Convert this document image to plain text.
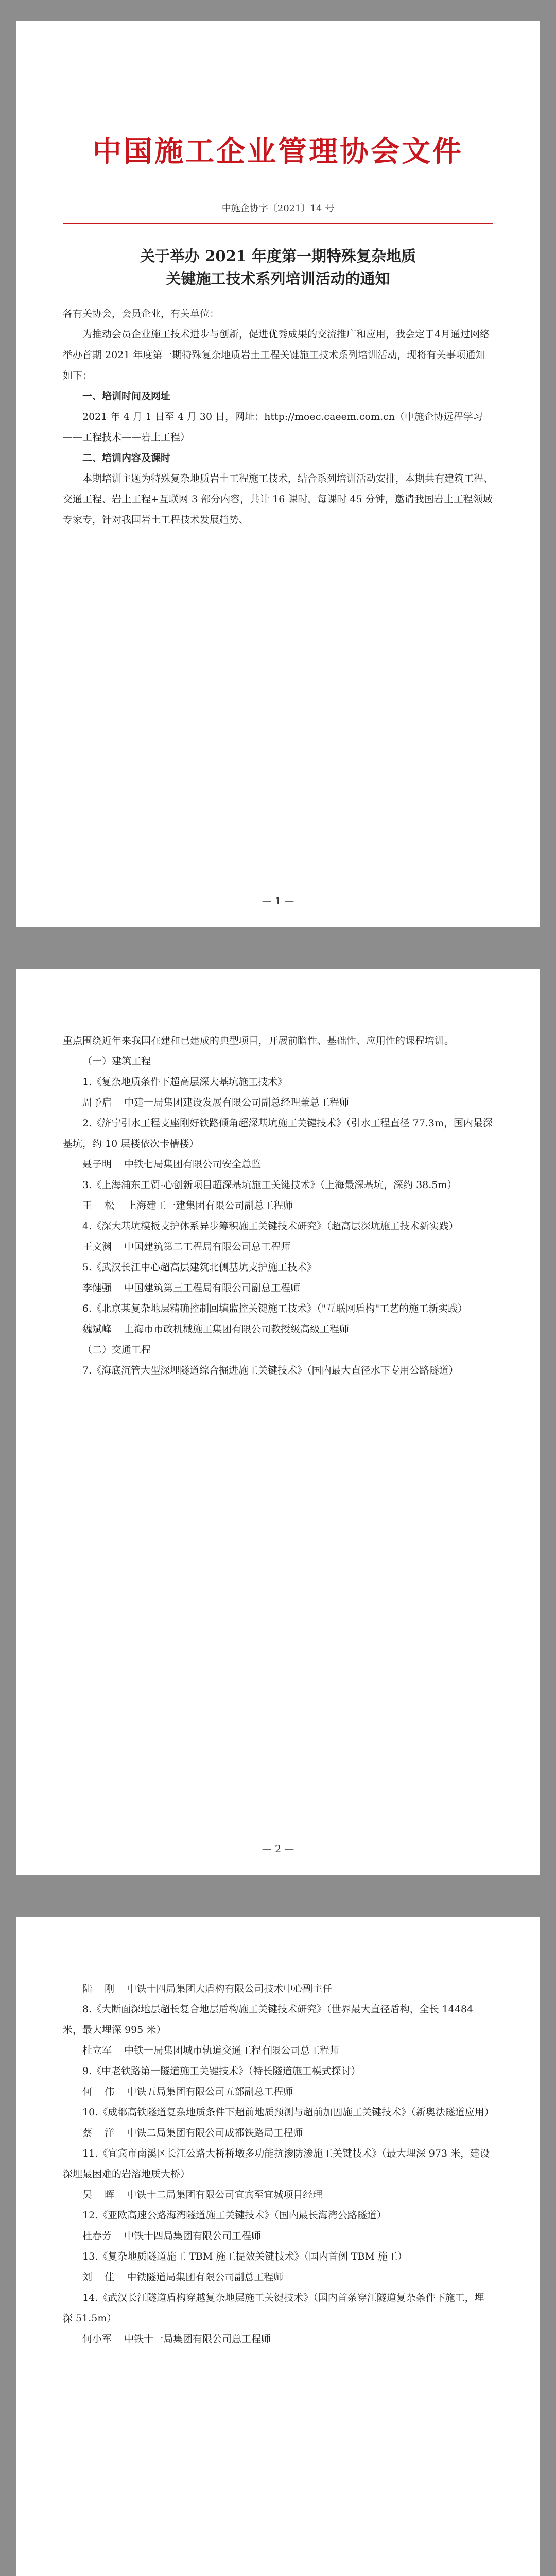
中国施工企业管理协会文件
中施企协字〔2021〕14 号
关于举办 2021 年度第一期特殊复杂地质
关键施工技术系列培训活动的通知
各有关协会，会员企业，有关单位：
为推动会员企业施工技术进步与创新，促进优秀成果的交流推广和应用，我会定于4月通过网络举办首期 2021 年度第一期特殊复杂地质岩土工程关键施工技术系列培训活动，现将有关事项通知如下：
一、培训时间及网址
2021 年 4 月 1 日至 4 月 30 日，网址：http://moec.caeem.com.cn（中施企协远程学习——工程技术——岩土工程）
二、培训内容及课时
本期培训主题为特殊复杂地质岩土工程施工技术，结合系列培训活动安排，本期共有建筑工程、交通工程、岩土工程+互联网 3 部分内容，共计 16 课时，每课时 45 分钟，邀请我国岩土工程领域专家专，针对我国岩土工程技术发展趋势、
— 1 —
重点围绕近年来我国在建和已建成的典型项目，开展前瞻性、基础性、应用性的课程培训。
（一）建筑工程
1.《复杂地质条件下超高层深大基坑施工技术》
周予启    中建一局集团建设发展有限公司副总经理兼总工程师
2.《济宁引水工程支座刚好铁路倾角超深基坑施工关键技术》（引水工程直径 77.3m，国内最深基坑，约 10 层楼依次卡槽楼）
聂子明    中铁七局集团有限公司安全总监
3.《上海浦东工贸-心创新项目超深基坑施工关键技术》（上海最深基坑，深约 38.5m）
王    松    上海建工一建集团有限公司副总工程师
4.《深大基坑模板支护体系异步筹积施工关键技术研究》（超高层深坑施工技术新实践）
王文渊    中国建筑第二工程局有限公司总工程师
5.《武汉长江中心超高层建筑北侧基坑支护施工技术》
李健强    中国建筑第三工程局有限公司副总工程师
6.《北京某复杂地层精确控制回填监控关键施工技术》（"互联网盾构"工艺的施工新实践）
魏斌峰    上海市市政机械施工集团有限公司教授级高级工程师
（二）交通工程
7.《海底沉管大型深埋隧道综合掘进施工关键技术》（国内最大直径水下专用公路隧道）
— 2 —
陆    刚    中铁十四局集团大盾构有限公司技术中心副主任
8.《大断面深地层超长复合地层盾构施工关键技术研究》（世界最大直径盾构，全长 14484 米，最大埋深 995 米）
杜立军    中铁一局集团城市轨道交通工程有限公司总工程师
9.《中老铁路第一隧道施工关键技术》（特长隧道施工模式探讨）
何    伟    中铁五局集团有限公司五部副总工程师
10.《成都高铁隧道复杂地质条件下超前地质预测与超前加固施工关键技术》（新奥法隧道应用）
蔡    洋    中铁二局集团有限公司成都铁路局工程师
11.《宜宾市南溪区长江公路大桥桥墩多功能抗渗防渗施工关键技术》（最大埋深 973 米，建设深埋最困难的岩溶地质大桥）
吴    晖    中铁十二局集团有限公司宜宾至宜城项目经理
12.《亚欧高速公路海湾隧道施工关键技术》（国内最长海湾公路隧道）
杜春芳    中铁十四局集团有限公司工程师
13.《复杂地质隧道施工 TBM 施工提效关键技术》（国内首例 TBM 施工）
刘    佳    中铁隧道局集团有限公司副总工程师
14.《武汉长江隧道盾构穿越复杂地层施工关键技术》（国内首条穿江隧道复杂条件下施工，埋深 51.5m）
何小军    中铁十一局集团有限公司总工程师
